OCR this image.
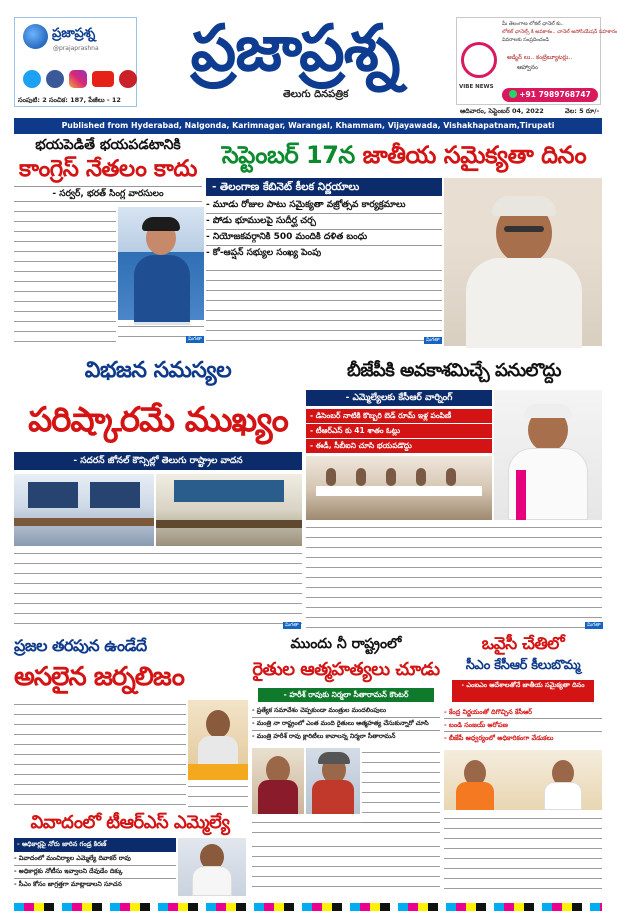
ప్రజాప్రశ్న
@prajaprashna
సంపుటి: 2 సంచిక: 187, పేజీలు - 12
ప్రజాప్రశ్న
తెలుగు దినపత్రిక
మీ తెలంగాణ లోకల్ ఛానెల్ కు..
లోకల్ ఛానెల్స్ కి అవకాశం.. చానెల్ అసోసియేషన్ సహకారం
వివరాలకు సంప్రదించండి
అడ్మిన్ లు.. కంట్రిబ్యూటర్లు..
ఆహ్వానం
VIBE NEWS
+91 7989768747
ఆదివారం, సెప్టెంబర్ 04, 2022	వెల: 5 రూ/-
Published from Hyderabad, Nalgonda, Karimnagar, Warangal, Khammam, Vijayawada, Vishakhapatnam,Tirupati
భయపెడితే భయపడటానికి
కాంగ్రెస్ నేతలం కాదు
- సర్వర్, భరత్ సింగ్ల వారసులం
మిగతా
సెప్టెంబర్ 17న జాతీయ సమైక్యతా దినం
- తెలంగాణ కేబినెట్ కీలక నిర్ణయాలు
- మూడు రోజుల పాటు సమైక్యతా వజ్రోత్సవ కార్యక్రమాలు
- పోడు భూములపై సుదీర్ఘ చర్చ
- నియోజకవర్గానికి 500 మందికి దళిత బంధు
- కో-ఆప్షన్ సభ్యుల సంఖ్య పెంపు
మిగతా
విభజన సమస్యల
పరిష్కారమే ముఖ్యం
- సదరన్ జోనల్ కౌన్సిల్లో తెలుగు రాష్ట్రాల వాదన
మిగతా
బీజేపీకి అవకాశమిచ్చే పనులొద్దు
- ఎమ్మెల్యేలకు కేసీఆర్ వార్నింగ్
- డిసెంబర్ నాటికి కొబ్బరి బెడ్ రూమ్ ఇళ్ల పంపిణీ
- టీఆర్ఎస్ కు 41 శాతం ఓట్లు
- ఈడీ, సీబీఐని చూసి భయపడొద్దు
మిగతా
ప్రజల తరపున ఉండేదే
అసలైన జర్నలిజం
ముందు నీ రాష్ట్రంలో
రైతుల ఆత్మహత్యలు చూడు
- హరీశ్ రావుకు నిర్మలా సీతారామన్ కౌంటర్
- ప్రత్యేక సమావేశం చెప్పకుండా మంత్రుల మందలింపులు
- మంత్రి నా రాష్ట్రంలో ఎంత మంది రైతులు ఆత్మహత్య చేసుకున్నారో చూసి
- మంత్రి హరీశ్ రావు క్లారిటీలు కావాలన్న నిర్మలా సీతారామన్
ఒవైసీ చేతిలో
సీఎం కేసీఆర్ కీలుబొమ్మ
- ఎంఐఎం ఆదేశాలతోనే జాతీయ సమైక్యతా దినం
- కేంద్ర నిర్ణయంతో దిగొచ్చిన కేసీఆర్
- బండి సంజయ్ ఆరోపణ
- బీజేపీ ఆధ్వర్యంలో అధికారికంగా వేడుకలు
వివాదంలో టీఆర్ఎస్ ఎమ్మెల్యే
- అధికార్లపై నోరు జారిన గండ్ర కిరణ్
- వివాదంలో మంచిర్యాల ఎమ్మెల్యే దివాకర్ రావు
- అధికార్లకు నోటీసు ఇవ్వాలని దేవుడేం దిక్కు
- సీఎం కోసం జాగ్రత్తగా మాట్లాడాలని సూచన
